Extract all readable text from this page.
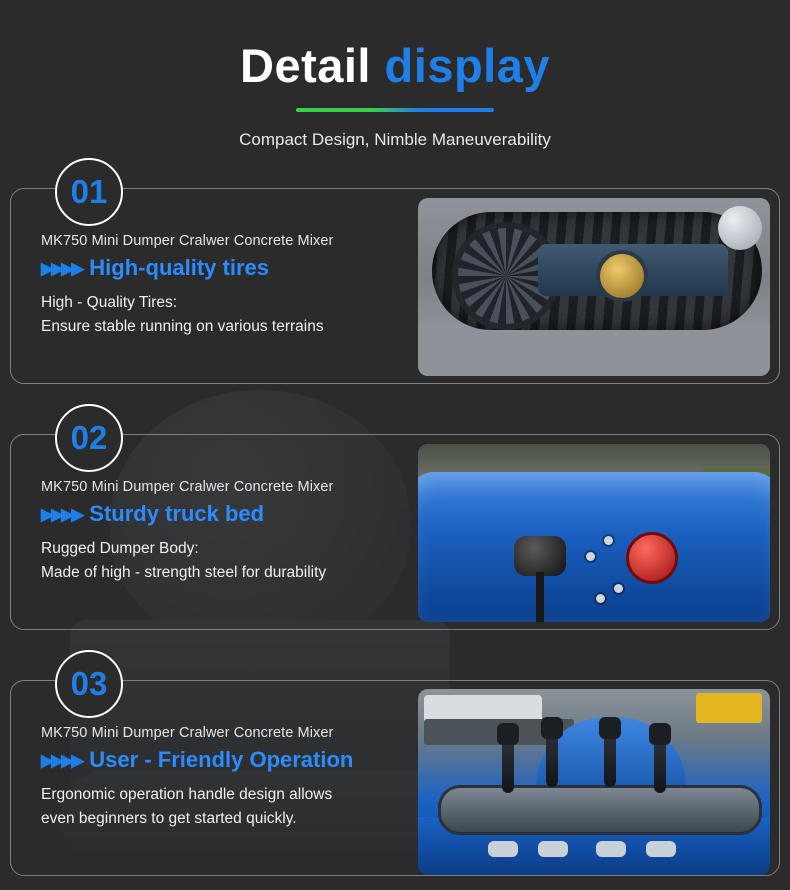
Detail display
Compact Design, Nimble Maneuverability

MK750 Mini Dumper Cralwer Concrete Mixer

▶▶▶▶ High-quality tires
High - Quality Tires:
Ensure stable running on various terrains
01

MK750 Mini Dumper Cralwer Concrete Mixer

▶▶▶▶ Sturdy truck bed
Rugged Dumper Body:
Made of high - strength steel for durability
02

MK750 Mini Dumper Cralwer Concrete Mixer

▶▶▶▶ User - Friendly Operation
Ergonomic operation handle design allows
even beginners to get started quickly.
03
